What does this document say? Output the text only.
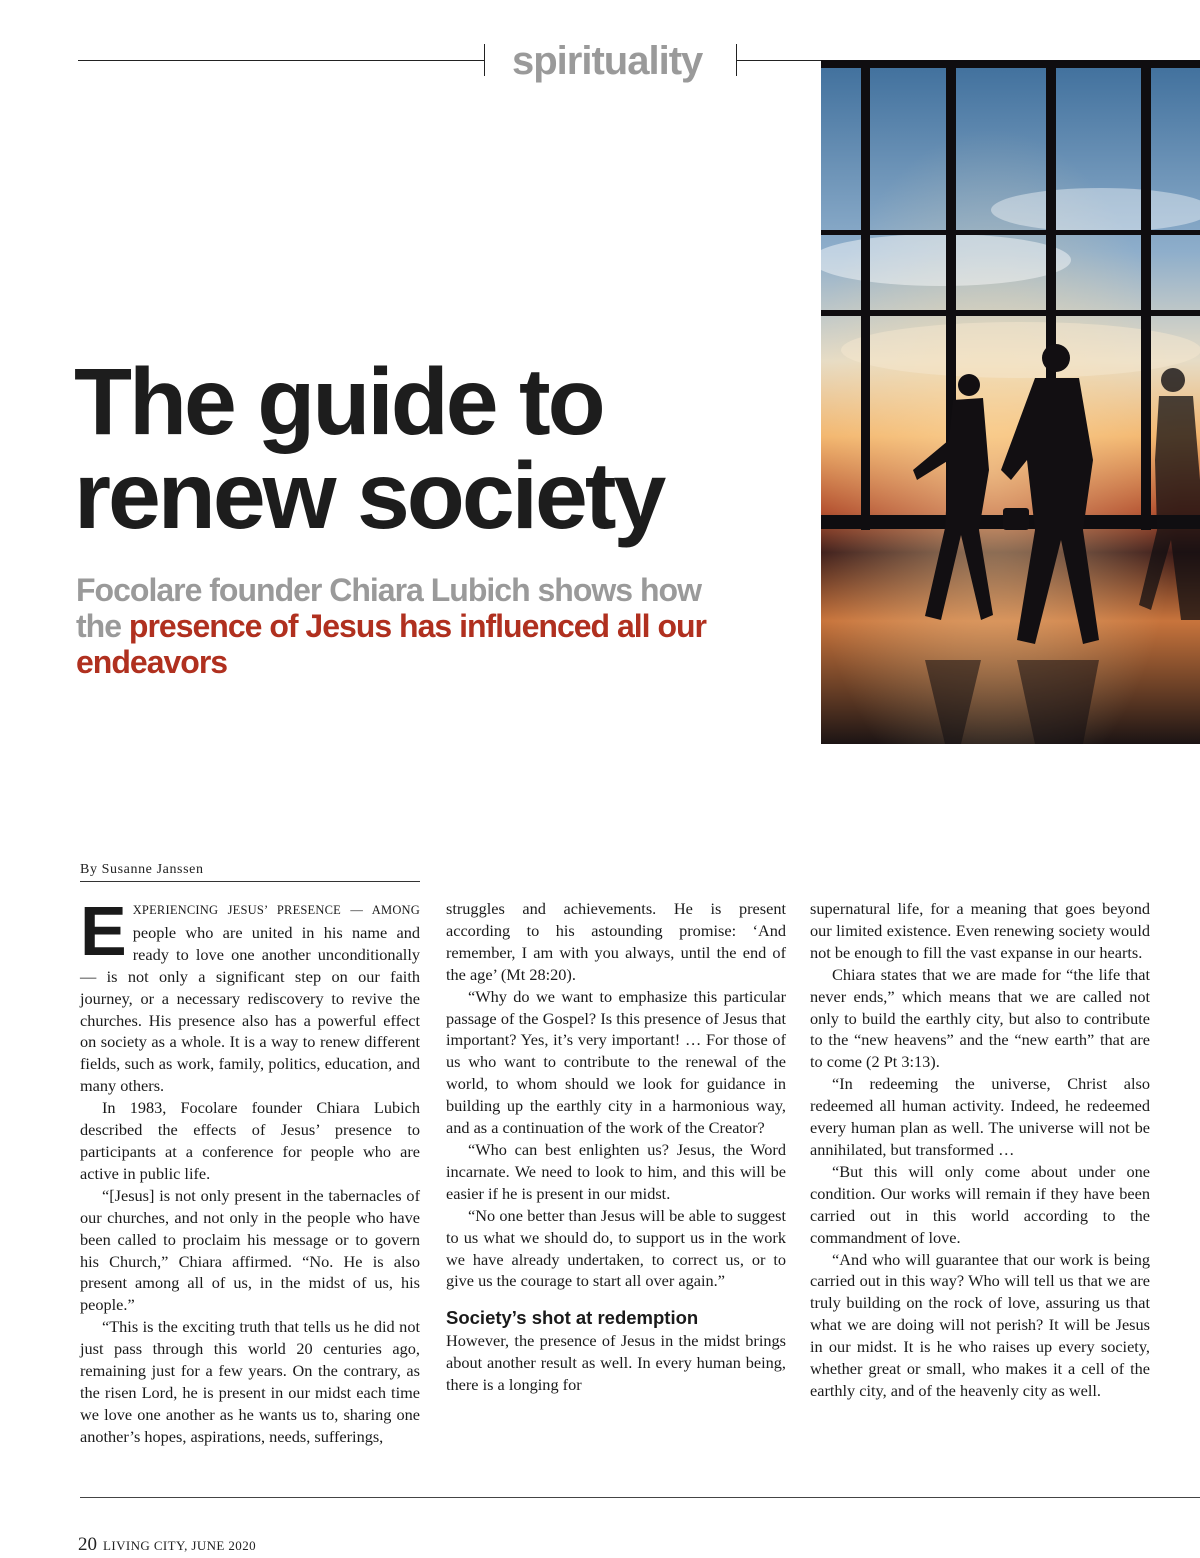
spirituality
The guide to
renew society

Focolare founder Chiara Lubich shows how the presence of Jesus has influenced all our endeavors

By Susanne Janssen

EXPERIENCING JESUS’ PRESENCE — AMONG people who are united in his name and ready to love one another unconditionally — is not only a significant step on our faith journey, or a necessary rediscovery to revive the churches. His presence also has a powerful effect on society as a whole. It is a way to renew different fields, such as work, family, politics, education, and many others.

In 1983, Focolare founder Chiara Lubich described the effects of Jesus’ presence to participants at a conference for people who are active in public life.

“[Jesus] is not only present in the tabernacles of our churches, and not only in the people who have been called to proclaim his message or to govern his Church,” Chiara affirmed. “No. He is also present among all of us, in the midst of us, his people.”

“This is the exciting truth that tells us he did not just pass through this world 20 centuries ago, remaining just for a few years. On the contrary, as the risen Lord, he is present in our midst each time we love one another as he wants us to, sharing one another’s hopes, aspirations, needs, sufferings,

struggles and achievements. He is present according to his astounding promise: ‘And remember, I am with you always, until the end of the age’ (Mt 28:20).

“Why do we want to emphasize this particular passage of the Gospel? Is this presence of Jesus that important? Yes, it’s very important! … For those of us who want to contribute to the renewal of the world, to whom should we look for guidance in building up the earthly city in a harmonious way, and as a continuation of the work of the Creator?

“Who can best enlighten us? Jesus, the Word incarnate. We need to look to him, and this will be easier if he is present in our midst.

“No one better than Jesus will be able to suggest to us what we should do, to support us in the work we have already undertaken, to correct us, or to give us the courage to start all over again.”

Society’s shot at redemption

However, the presence of Jesus in the midst brings about another result as well. In every human being, there is a longing for

supernatural life, for a meaning that goes beyond our limited existence. Even renewing society would not be enough to fill the vast expanse in our hearts.

Chiara states that we are made for “the life that never ends,” which means that we are called not only to build the earthly city, but also to contribute to the “new heavens” and the “new earth” that are to come (2 Pt 3:13).

“In redeeming the universe, Christ also redeemed all human activity. Indeed, he redeemed every human plan as well. The universe will not be annihilated, but transformed …

“But this will only come about under one condition. Our works will remain if they have been carried out in this world according to the commandment of love.

“And who will guarantee that our work is being carried out in this way? Who will tell us that we are truly building on the rock of love, assuring us that what we are doing will not perish? It will be Jesus in our midst. It is he who raises up every society, whether great or small, who makes it a cell of the earthly city, and of the heavenly city as well.

20 LIVING CITY, JUNE 2020
